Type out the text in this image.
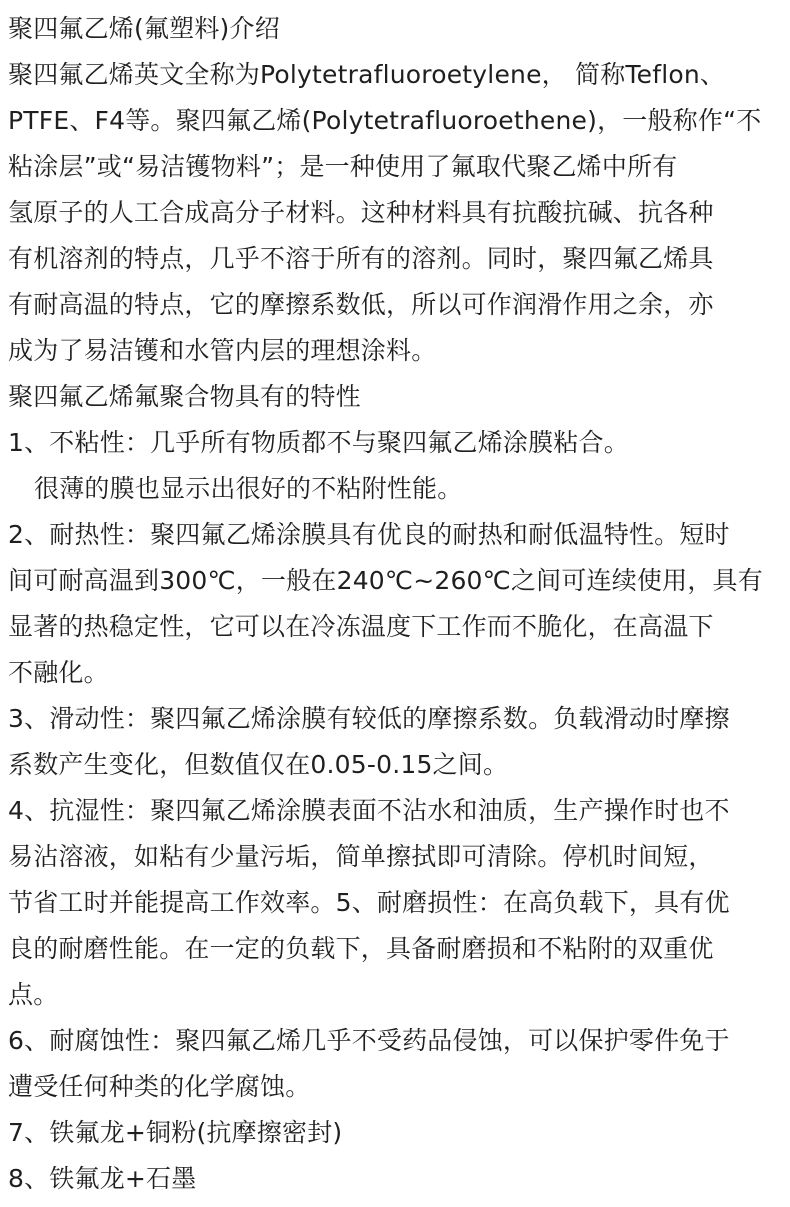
聚四氟乙烯(氟塑料)介绍
聚四氟乙烯英文全称为Polytetrafluoroetylene， 简称Teflon、
PTFE、F4等。聚四氟乙烯(Polytetrafluoroethene)，一般称作“不
粘涂层”或“易洁镬物料”；是一种使用了氟取代聚乙烯中所有
氢原子的人工合成高分子材料。这种材料具有抗酸抗碱、抗各种
有机溶剂的特点，几乎不溶于所有的溶剂。同时，聚四氟乙烯具
有耐高温的特点，它的摩擦系数低，所以可作润滑作用之余，亦
成为了易洁镬和水管内层的理想涂料。
聚四氟乙烯氟聚合物具有的特性
1、不粘性：几乎所有物质都不与聚四氟乙烯涂膜粘合。
很薄的膜也显示出很好的不粘附性能。
2、耐热性：聚四氟乙烯涂膜具有优良的耐热和耐低温特性。短时
间可耐高温到300℃，一般在240℃~260℃之间可连续使用，具有
显著的热稳定性，它可以在冷冻温度下工作而不脆化，在高温下
不融化。
3、滑动性：聚四氟乙烯涂膜有较低的摩擦系数。负载滑动时摩擦
系数产生变化，但数值仅在0.05-0.15之间。
4、抗湿性：聚四氟乙烯涂膜表面不沾水和油质，生产操作时也不
易沾溶液，如粘有少量污垢，简单擦拭即可清除。停机时间短，
节省工时并能提高工作效率。5、耐磨损性：在高负载下，具有优
良的耐磨性能。在一定的负载下，具备耐磨损和不粘附的双重优
点。
6、耐腐蚀性：聚四氟乙烯几乎不受药品侵蚀，可以保护零件免于
遭受任何种类的化学腐蚀。
7、铁氟龙+铜粉(抗摩擦密封)
8、铁氟龙+石墨
